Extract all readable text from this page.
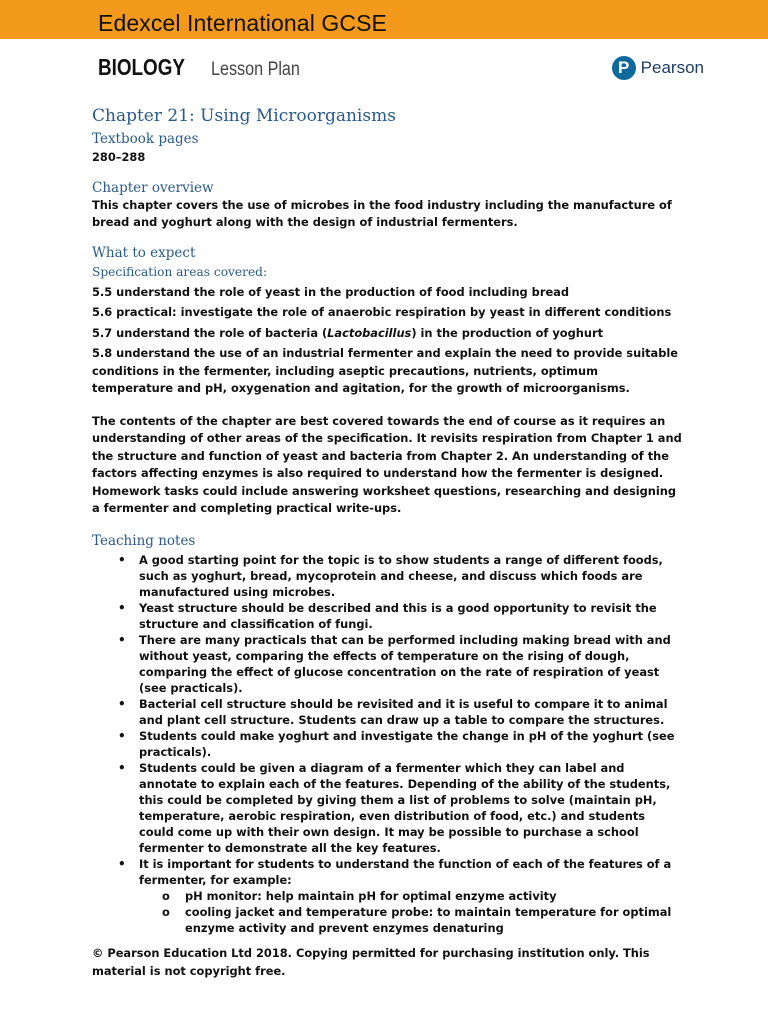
Edexcel International GCSE
BIOLOGY Lesson Plan	P Pearson
Chapter 21: Using Microorganisms
Textbook pages

280–288

Chapter overview

This chapter covers the use of microbes in the food industry including the manufacture of bread and yoghurt along with the design of industrial fermenters.

What to expect
Specification areas covered:

5.5 understand the role of yeast in the production of food including bread

5.6 practical: investigate the role of anaerobic respiration by yeast in different conditions

5.7 understand the role of bacteria (Lactobacillus) in the production of yoghurt

5.8 understand the use of an industrial fermenter and explain the need to provide suitable conditions in the fermenter, including aseptic precautions, nutrients, optimum temperature and pH, oxygenation and agitation, for the growth of microorganisms.

The contents of the chapter are best covered towards the end of course as it requires an understanding of other areas of the specification. It revisits respiration from Chapter 1 and the structure and function of yeast and bacteria from Chapter 2. An understanding of the factors affecting enzymes is also required to understand how the fermenter is designed. Homework tasks could include answering worksheet questions, researching and designing a fermenter and completing practical write-ups.

Teaching notes
• A good starting point for the topic is to show students a range of different foods, such as yoghurt, bread, mycoprotein and cheese, and discuss which foods are manufactured using microbes.
• Yeast structure should be described and this is a good opportunity to revisit the structure and classification of fungi.
• There are many practicals that can be performed including making bread with and without yeast, comparing the effects of temperature on the rising of dough, comparing the effect of glucose concentration on the rate of respiration of yeast (see practicals).
• Bacterial cell structure should be revisited and it is useful to compare it to animal and plant cell structure. Students can draw up a table to compare the structures.
• Students could make yoghurt and investigate the change in pH of the yoghurt (see practicals).
• Students could be given a diagram of a fermenter which they can label and annotate to explain each of the features. Depending of the ability of the students, this could be completed by giving them a list of problems to solve (maintain pH, temperature, aerobic respiration, even distribution of food, etc.) and students could come up with their own design. It may be possible to purchase a school fermenter to demonstrate all the key features.
• It is important for students to understand the function of each of the features of a fermenter, for example:
o pH monitor: help maintain pH for optimal enzyme activity
o cooling jacket and temperature probe: to maintain temperature for optimal enzyme activity and prevent enzymes denaturing
© Pearson Education Ltd 2018. Copying permitted for purchasing institution only. This material is not copyright free.
